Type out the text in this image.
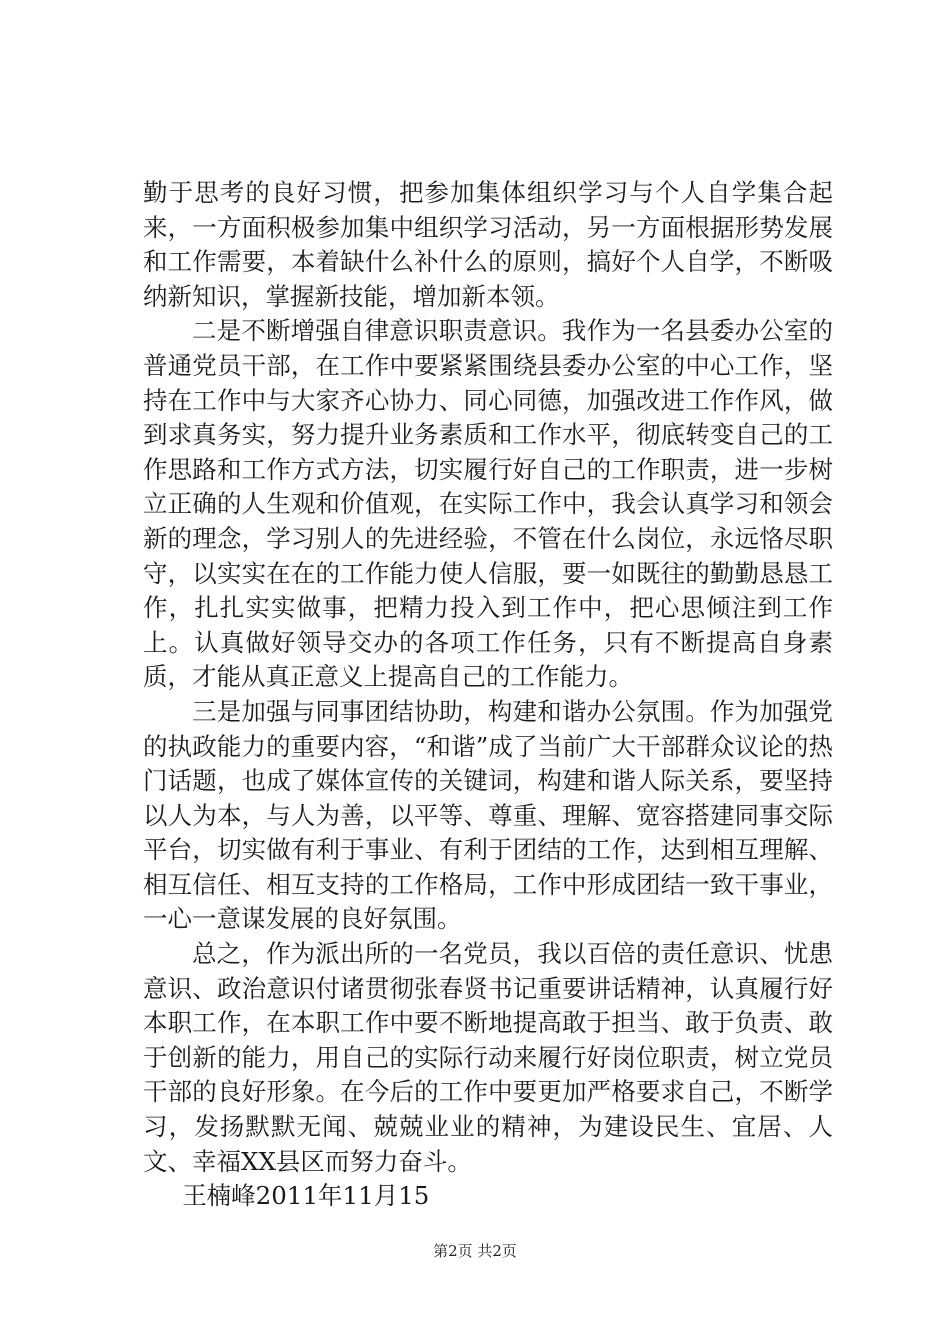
勤于思考的良好习惯，把参加集体组织学习与个人自学集合起来，一方面积极参加集中组织学习活动，另一方面根据形势发展和工作需要，本着缺什么补什么的原则，搞好个人自学，不断吸纳新知识，掌握新技能，增加新本领。

二是不断增强自律意识职责意识。我作为一名县委办公室的普通党员干部，在工作中要紧紧围绕县委办公室的中心工作，坚持在工作中与大家齐心协力、同心同德，加强改进工作作风，做到求真务实，努力提升业务素质和工作水平，彻底转变自己的工作思路和工作方式方法，切实履行好自己的工作职责，进一步树立正确的人生观和价值观，在实际工作中，我会认真学习和领会新的理念，学习别人的先进经验，不管在什么岗位，永远恪尽职守，以实实在在的工作能力使人信服，要一如既往的勤勤恳恳工作，扎扎实实做事，把精力投入到工作中，把心思倾注到工作上。认真做好领导交办的各项工作任务，只有不断提高自身素质，才能从真正意义上提高自己的工作能力。

三是加强与同事团结协助，构建和谐办公氛围。作为加强党的执政能力的重要内容，“和谐”成了当前广大干部群众议论的热门话题，也成了媒体宣传的关键词，构建和谐人际关系，要坚持以人为本，与人为善，以平等、尊重、理解、宽容搭建同事交际平台，切实做有利于事业、有利于团结的工作，达到相互理解、相互信任、相互支持的工作格局，工作中形成团结一致干事业，一心一意谋发展的良好氛围。

总之，作为派出所的一名党员，我以百倍的责任意识、忧患意识、政治意识付诸贯彻张春贤书记重要讲话精神，认真履行好本职工作，在本职工作中要不断地提高敢于担当、敢于负责、敢于创新的能力，用自己的实际行动来履行好岗位职责，树立党员干部的良好形象。在今后的工作中要更加严格要求自己，不断学习，发扬默默无闻、兢兢业业的精神，为建设民生、宜居、人文、幸福XX县区而努力奋斗。

王楠峰2011年11月15

第2页 共2页
